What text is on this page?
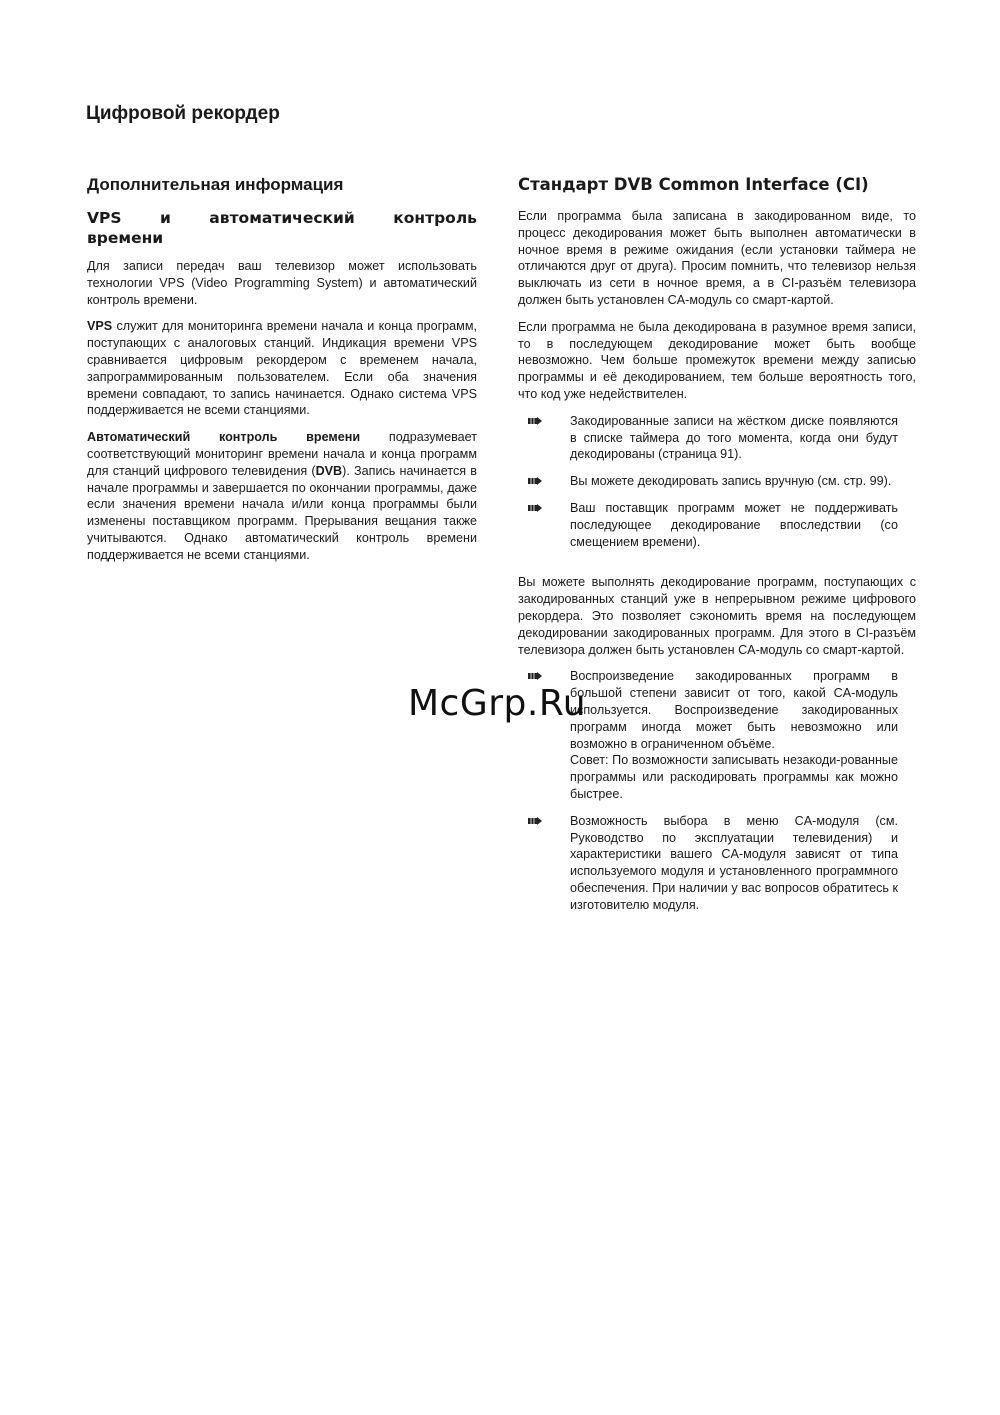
Цифровой рекордер
Дополнительная информация
VPS и автоматический контроль
времени

Для записи передач ваш телевизор может использовать технологии VPS (Video Programming System) и автоматический контроль времени.

VPS служит для мониторинга времени начала и конца программ, поступающих с аналоговых станций. Индикация времени VPS сравнивается цифровым рекордером с временем начала, запрограммированным пользователем. Если оба значения времени совпадают, то запись начинается. Однако система VPS поддерживается не всеми станциями.

Автоматический контроль времени подразумевает соответствующий мониторинг времени начала и конца программ для станций цифрового телевидения (DVB). Запись начинается в начале программы и завершается по окончании программы, даже если значения времени начала и/или конца программы были изменены поставщиком программ. Прерывания вещания также учитываются. Однако автоматический контроль времени поддерживается не всеми станциями.

Стандарт DVB Common Interface (CI)

Если программа была записана в закодированном виде, то процесс декодирования может быть выполнен автоматически в ночное время в режиме ожидания (если установки таймера не отличаются друг от друга). Просим помнить, что телевизор нельзя выключать из сети в ночное время, а в CI-разъём телевизора должен быть установлен CA-модуль со смарт-картой.

Если программа не была декодирована в разумное время записи, то в последующем декодирование может быть вообще невозможно. Чем больше промежуток времени между записью программы и её декодированием, тем больше вероятность того, что код уже недействителен.

Закодированные записи на жёстком диске появляются в списке таймера до того момента, когда они будут декодированы (страница 91).

Вы можете декодировать запись вручную (см. стр. 99).

Ваш поставщик программ может не поддерживать последующее декодирование впоследствии (со смещением времени).

Вы можете выполнять декодирование программ, поступающих с закодированных станций уже в непрерывном режиме цифрового рекордера. Это позволяет сэкономить время на последующем декодировании закодированных программ. Для этого в CI-разъём телевизора должен быть установлен CA-модуль со смарт-картой.

Воспроизведение закодированных программ в большой степени зависит от того, какой CA-модуль используется. Воспроизведение закодированных программ иногда может быть невозможно или возможно в ограниченном объёме.

Совет: По возможности записывать незакоди-рованные программы или раскодировать программы как можно быстрее.

Возможность выбора в меню CA-модуля (см. Руководство по эксплуатации телевидения) и характеристики вашего CA-модуля зависят от типа используемого модуля и установленного программного обеспечения. При наличии у вас вопросов обратитесь к изготовителю модуля.

McGrp.Ru
